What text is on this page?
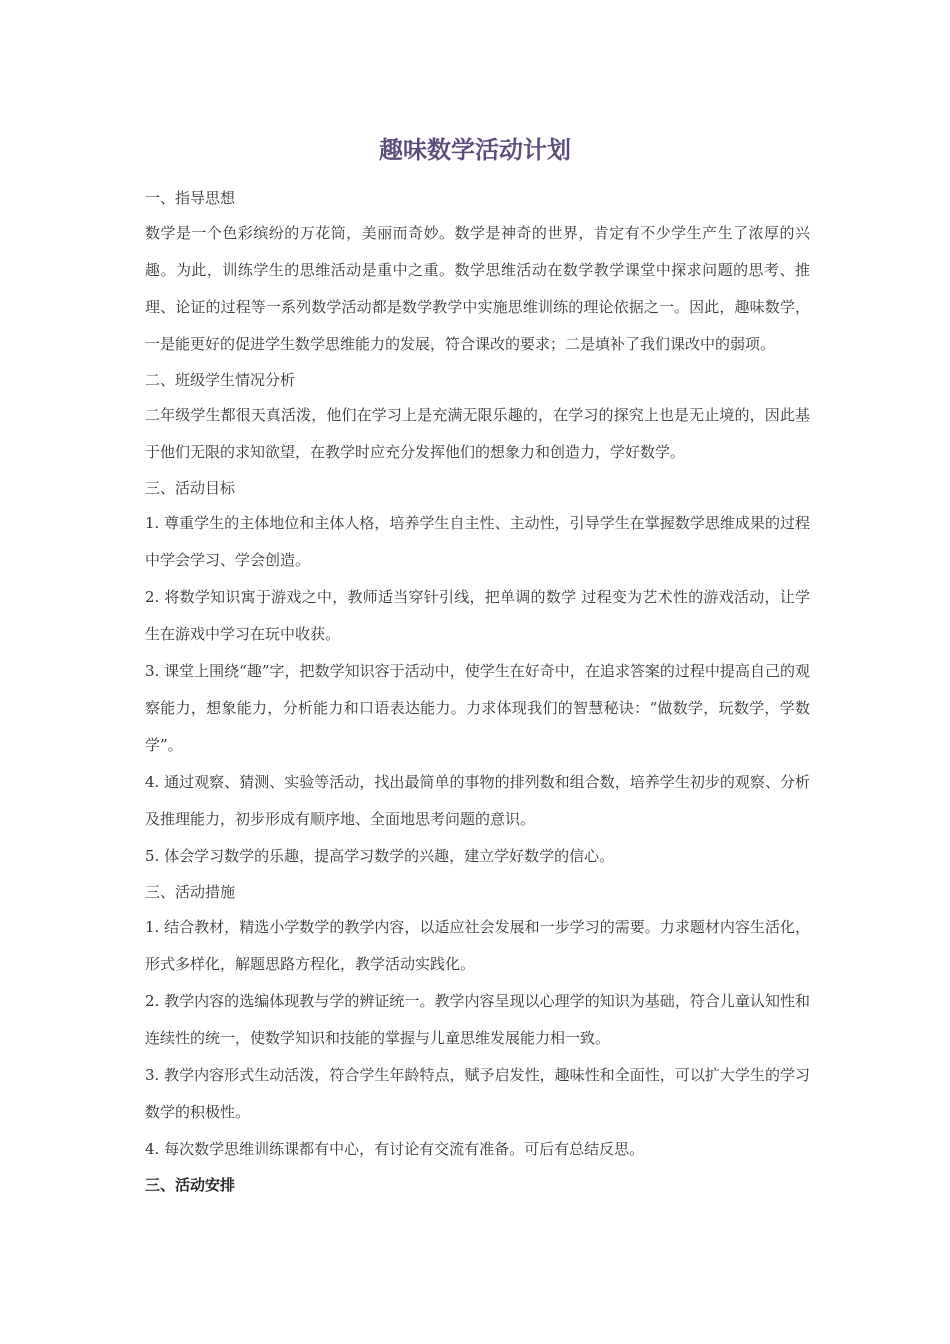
趣味数学活动计划
一、指导思想
数学是一个色彩缤纷的万花筒，美丽而奇妙。数学是神奇的世界，肯定有不少学生产生了浓厚的兴趣。为此，训练学生的思维活动是重中之重。数学思维活动在数学教学课堂中探求问题的思考、推理、论证的过程等一系列数学活动都是数学教学中实施思维训练的理论依据之一。因此，趣味数学，一是能更好的促进学生数学思维能力的发展，符合课改的要求；二是填补了我们课改中的弱项。
二、班级学生情况分析
二年级学生都很天真活泼，他们在学习上是充满无限乐趣的，在学习的探究上也是无止境的，因此基于他们无限的求知欲望，在教学时应充分发挥他们的想象力和创造力，学好数学。
三、活动目标
1. 尊重学生的主体地位和主体人格，培养学生自主性、主动性，引导学生在掌握数学思维成果的过程中学会学习、学会创造。
2. 将数学知识寓于游戏之中，教师适当穿针引线，把单调的数学 过程变为艺术性的游戏活动，让学生在游戏中学习在玩中收获。
3. 课堂上围绕“趣”字，把数学知识容于活动中，使学生在好奇中，在追求答案的过程中提高自己的观察能力，想象能力，分析能力和口语表达能力。力求体现我们的智慧秘诀：“做数学，玩数学，学数学”。
4. 通过观察、猜测、实验等活动，找出最简单的事物的排列数和组合数，培养学生初步的观察、分析及推理能力，初步形成有顺序地、全面地思考问题的意识。
5. 体会学习数学的乐趣，提高学习数学的兴趣，建立学好数学的信心。
三、活动措施
1. 结合教材，精选小学数学的教学内容，以适应社会发展和一步学习的需要。力求题材内容生活化，形式多样化，解题思路方程化，教学活动实践化。
2. 教学内容的选编体现教与学的辨证统一。教学内容呈现以心理学的知识为基础，符合儿童认知性和连续性的统一，使数学知识和技能的掌握与儿童思维发展能力相一致。
3. 教学内容形式生动活泼，符合学生年龄特点，赋予启发性，趣味性和全面性，可以扩大学生的学习数学的积极性。
4. 每次数学思维训练课都有中心，有讨论有交流有准备。可后有总结反思。
三、活动安排
